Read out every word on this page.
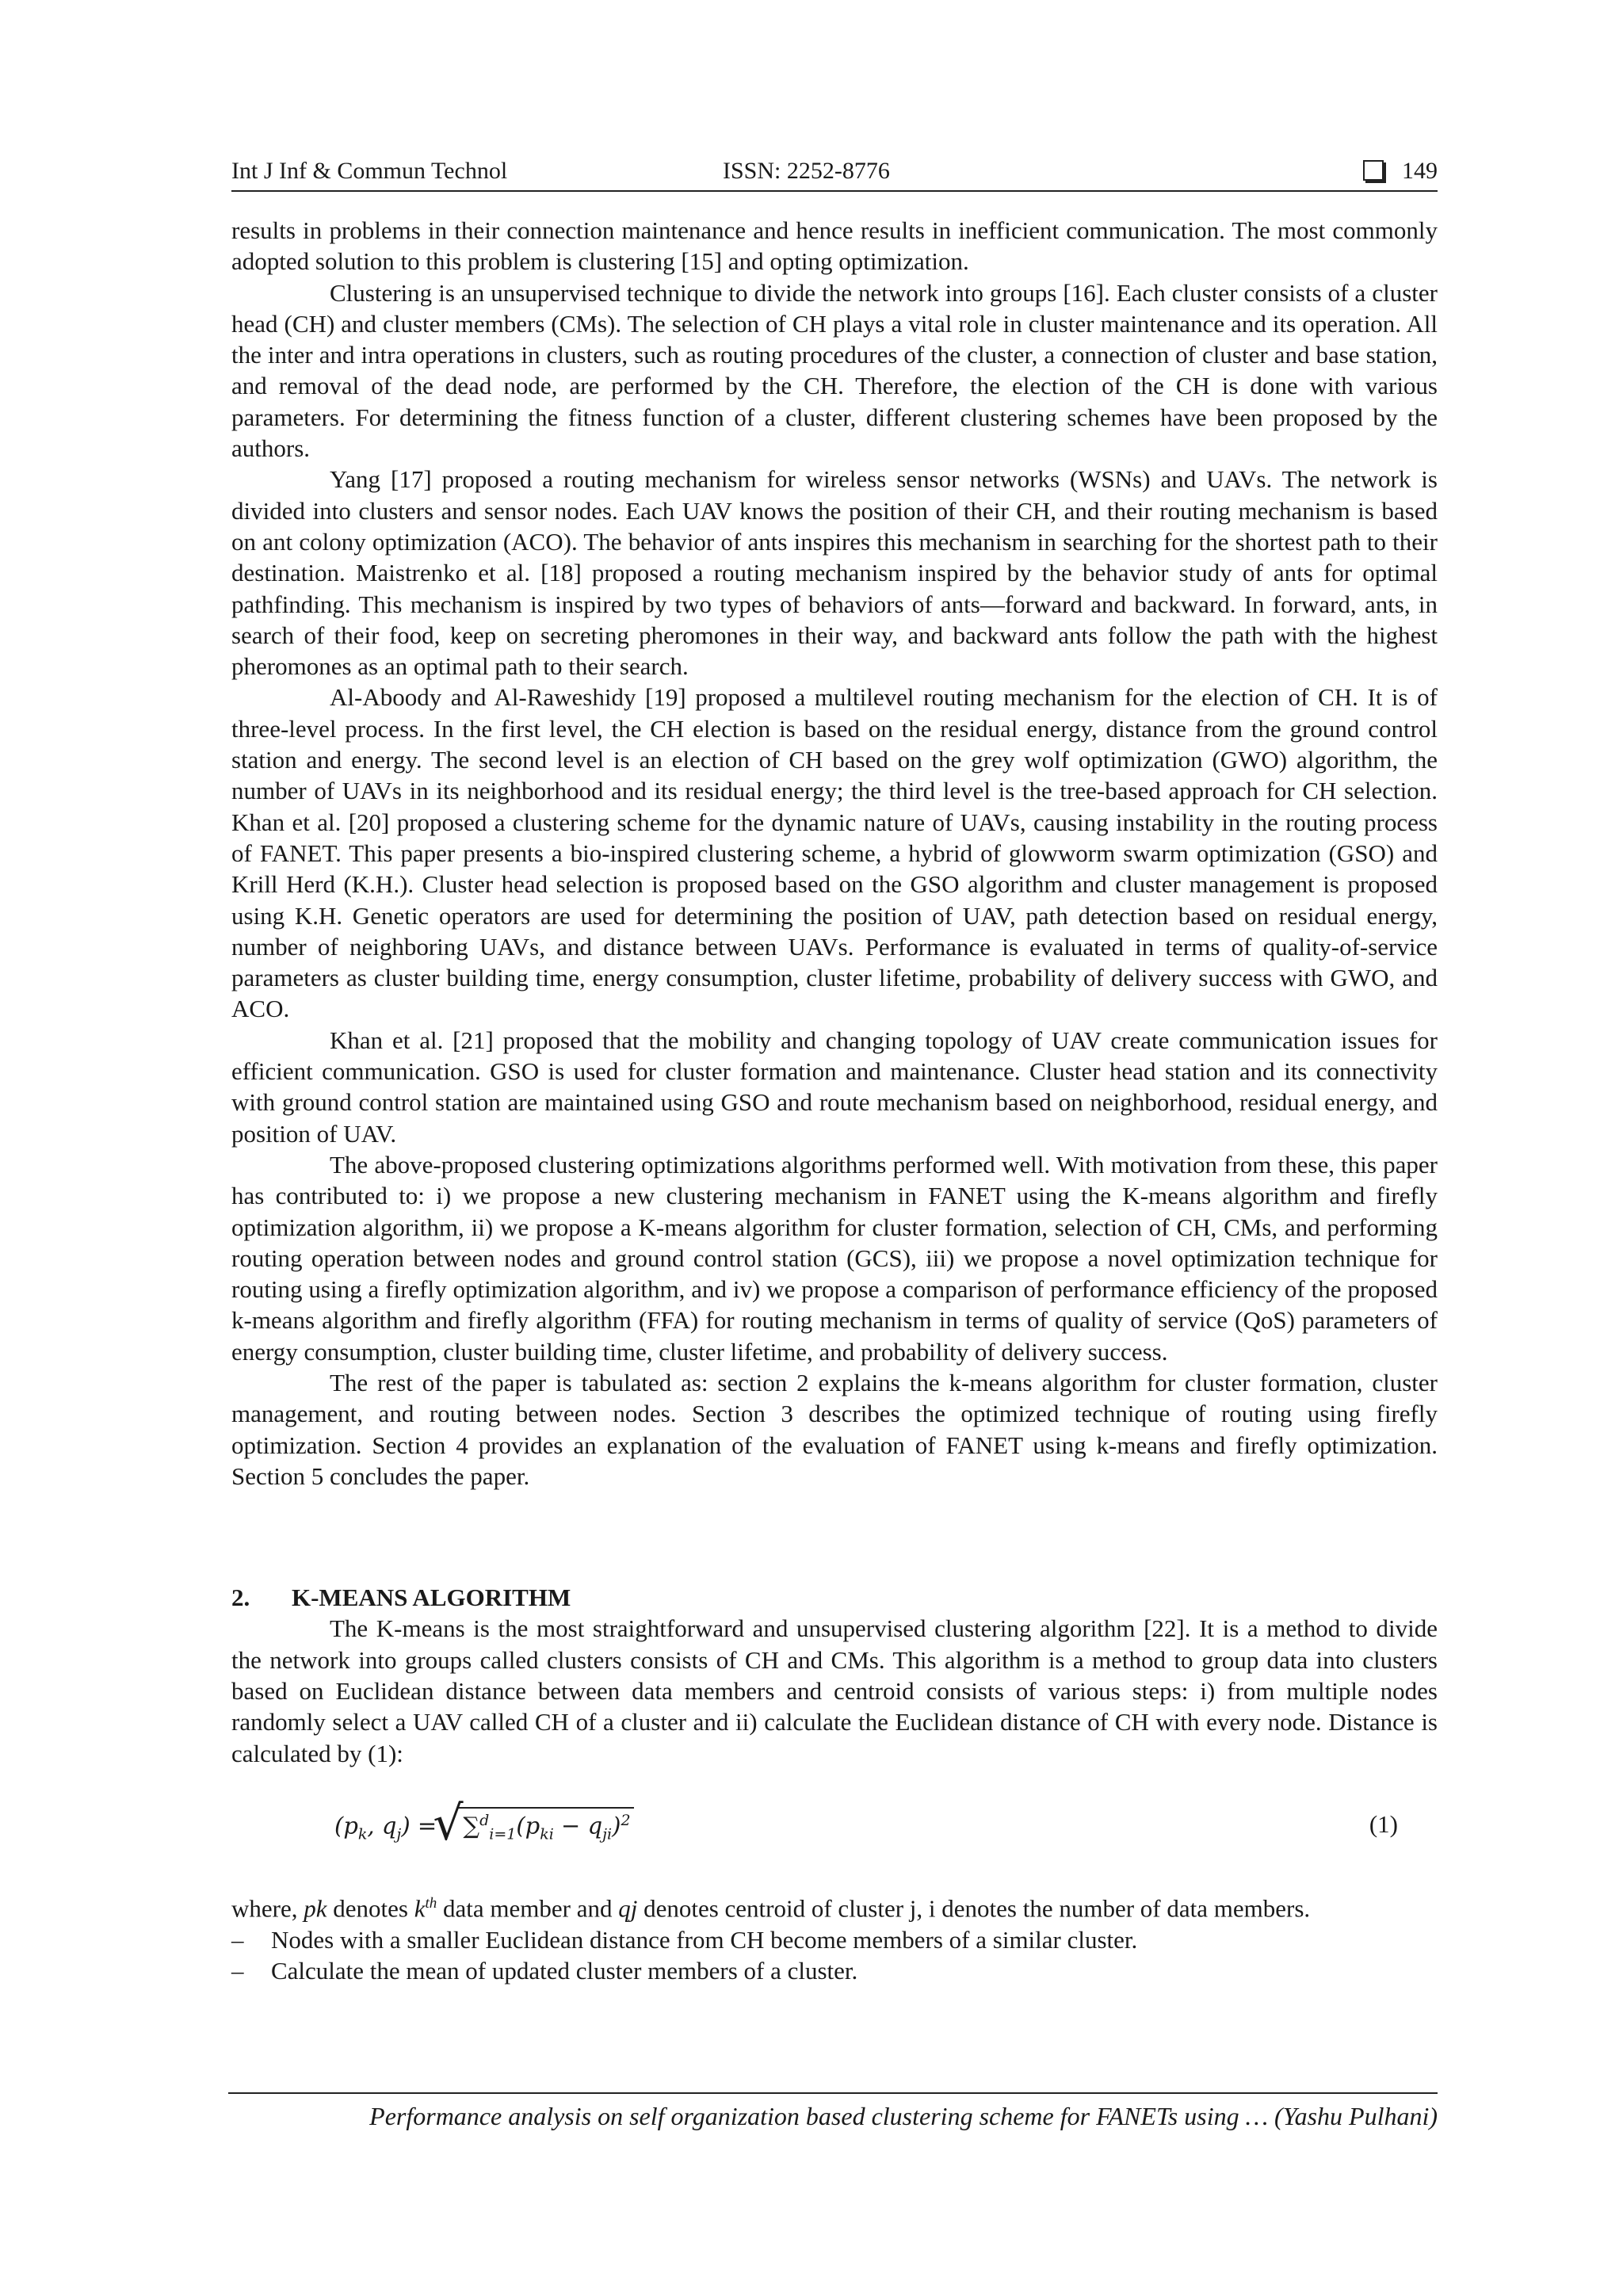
Int J Inf & Commun Technol	ISSN: 2252-8776	149

results in problems in their connection maintenance and hence results in inefficient communication. The most commonly adopted solution to this problem is clustering [15] and opting optimization.

Clustering is an unsupervised technique to divide the network into groups [16]. Each cluster consists of a cluster head (CH) and cluster members (CMs). The selection of CH plays a vital role in cluster maintenance and its operation. All the inter and intra operations in clusters, such as routing procedures of the cluster, a connection of cluster and base station, and removal of the dead node, are performed by the CH. Therefore, the election of the CH is done with various parameters. For determining the fitness function of a cluster, different clustering schemes have been proposed by the authors.

Yang [17] proposed a routing mechanism for wireless sensor networks (WSNs) and UAVs. The network is divided into clusters and sensor nodes. Each UAV knows the position of their CH, and their routing mechanism is based on ant colony optimization (ACO). The behavior of ants inspires this mechanism in searching for the shortest path to their destination. Maistrenko et al. [18] proposed a routing mechanism inspired by the behavior study of ants for optimal pathfinding. This mechanism is inspired by two types of behaviors of ants—forward and backward. In forward, ants, in search of their food, keep on secreting pheromones in their way, and backward ants follow the path with the highest pheromones as an optimal path to their search.

Al-Aboody and Al-Raweshidy [19] proposed a multilevel routing mechanism for the election of CH. It is of three-level process. In the first level, the CH election is based on the residual energy, distance from the ground control station and energy. The second level is an election of CH based on the grey wolf optimization (GWO) algorithm, the number of UAVs in its neighborhood and its residual energy; the third level is the tree-based approach for CH selection. Khan et al. [20] proposed a clustering scheme for the dynamic nature of UAVs, causing instability in the routing process of FANET. This paper presents a bio-inspired clustering scheme, a hybrid of glowworm swarm optimization (GSO) and Krill Herd (K.H.). Cluster head selection is proposed based on the GSO algorithm and cluster management is proposed using K.H. Genetic operators are used for determining the position of UAV, path detection based on residual energy, number of neighboring UAVs, and distance between UAVs. Performance is evaluated in terms of quality-of-service parameters as cluster building time, energy consumption, cluster lifetime, probability of delivery success with GWO, and ACO.

Khan et al. [21] proposed that the mobility and changing topology of UAV create communication issues for efficient communication. GSO is used for cluster formation and maintenance. Cluster head station and its connectivity with ground control station are maintained using GSO and route mechanism based on neighborhood, residual energy, and position of UAV.

The above-proposed clustering optimizations algorithms performed well. With motivation from these, this paper has contributed to: i) we propose a new clustering mechanism in FANET using the K-means algorithm and firefly optimization algorithm, ii) we propose a K-means algorithm for cluster formation, selection of CH, CMs, and performing routing operation between nodes and ground control station (GCS), iii) we propose a novel optimization technique for routing using a firefly optimization algorithm, and iv) we propose a comparison of performance efficiency of the proposed k-means algorithm and firefly algorithm (FFA) for routing mechanism in terms of quality of service (QoS) parameters of energy consumption, cluster building time, cluster lifetime, and probability of delivery success.

The rest of the paper is tabulated as: section 2 explains the k-means algorithm for cluster formation, cluster management, and routing between nodes. Section 3 describes the optimized technique of routing using firefly optimization. Section 4 provides an explanation of the evaluation of FANET using k-means and firefly optimization. Section 5 concludes the paper.

2. K-MEANS ALGORITHM

The K-means is the most straightforward and unsupervised clustering algorithm [22]. It is a method to divide the network into groups called clusters consists of CH and CMs. This algorithm is a method to group data into clusters based on Euclidean distance between data members and centroid consists of various steps: i) from multiple nodes randomly select a UAV called CH of a cluster and ii) calculate the Euclidean distance of CH with every node. Distance is calculated by (1):

($p_k$, $q_j$) = √ $\sum^d_{i=1}(p_{ki} - q_{ji})^2$	(1)

where, pk denotes $k^{th}$ data member and qj denotes centroid of cluster j, i denotes the number of data members.

– Nodes with a smaller Euclidean distance from CH become members of a similar cluster.
– Calculate the mean of updated cluster members of a cluster.
Performance analysis on self organization based clustering scheme for FANETs using … (Yashu Pulhani)
